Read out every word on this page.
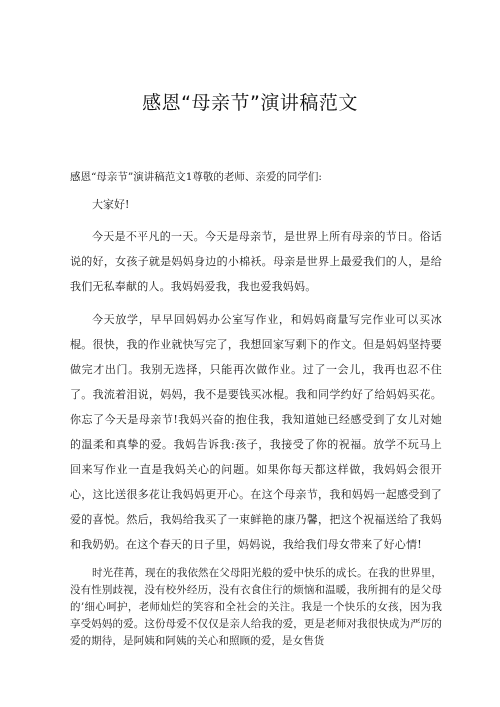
感恩“母亲节”演讲稿范文

感恩“母亲节”演讲稿范文1尊敬的老师、亲爱的同学们:

大家好!

今天是不平凡的一天。今天是母亲节，是世界上所有母亲的节日。俗话说的好，女孩子就是妈妈身边的小棉袄。母亲是世界上最爱我们的人，是给我们无私奉献的人。我妈妈爱我，我也爱我妈妈。

今天放学，早早回妈妈办公室写作业，和妈妈商量写完作业可以买冰棍。很快，我的作业就快写完了，我想回家写剩下的作文。但是妈妈坚持要做完才出门。我别无选择，只能再次做作业。过了一会儿，我再也忍不住了。我流着泪说，妈妈，我不是要钱买冰棍。我和同学约好了给妈妈买花。你忘了今天是母亲节!我妈兴奋的抱住我，我知道她已经感受到了女儿对她的温柔和真挚的爱。我妈告诉我:孩子，我接受了你的祝福。放学不玩马上回来写作业一直是我妈关心的问题。如果你每天都这样做，我妈妈会很开心，这比送很多花让我妈妈更开心。在这个母亲节，我和妈妈一起感受到了爱的喜悦。然后，我妈给我买了一束鲜艳的康乃馨，把这个祝福送给了我妈和我奶奶。在这个春天的日子里，妈妈说，我给我们母女带来了好心情!

时光荏苒，现在的我依然在父母阳光般的爱中快乐的成长。在我的世界里，没有性别歧视，没有校外经历，没有衣食住行的烦恼和温暖，我所拥有的是父母的’细心呵护，老师灿烂的笑容和全社会的关注。我是一个快乐的女孩，因为我享受妈妈的爱。这份母爱不仅仅是亲人给我的爱，更是老师对我很快成为严厉的爱的期待，是阿姨和阿姨的关心和照顾的爱，是女售货
